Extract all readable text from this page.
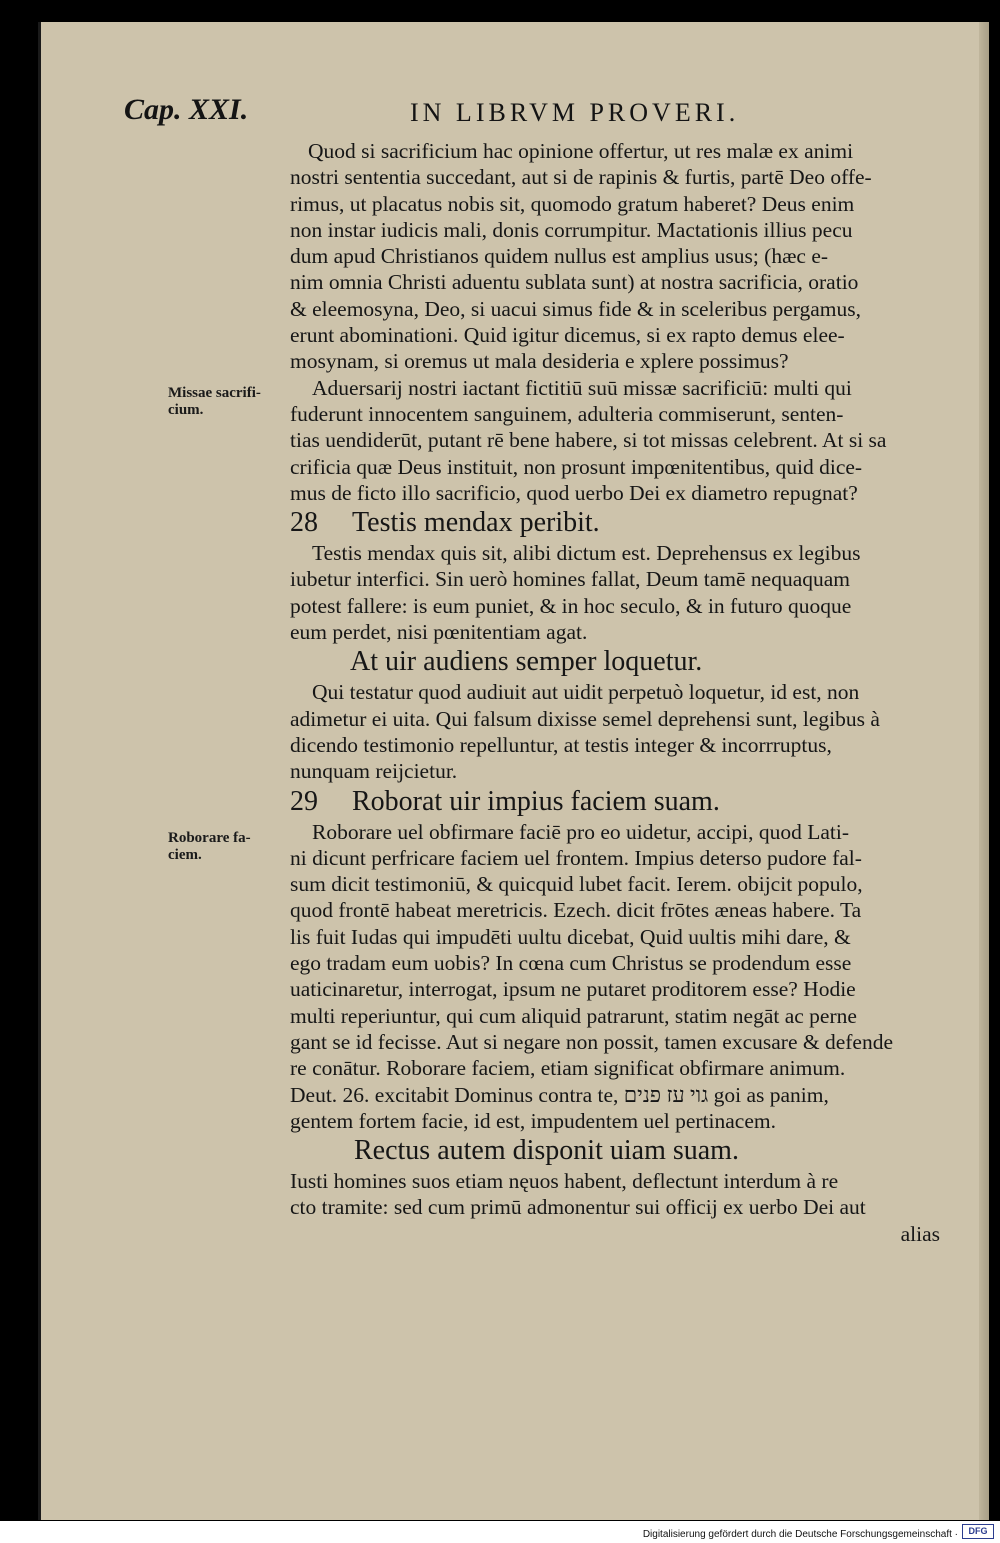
Cap. XXI.	IN LIBRVM PROVERI.
Missae sacrifi-
cium.
Roborare fa-
ciem.
Quod si sacrificium hac opinione offertur, ut res malæ ex animi
nostri sententia succedant, aut si de rapinis & furtis, partē Deo offe-
rimus, ut placatus nobis sit, quomodo gratum haberet? Deus enim
non instar iudicis mali, donis corrumpitur. Mactationis illius pecu
dum apud Christianos quidem nullus est amplius usus; (hæc e-
nim omnia Christi aduentu sublata sunt) at nostra sacrificia, oratio
& eleemosyna, Deo, si uacui simus fide & in sceleribus pergamus,
erunt abominationi. Quid igitur dicemus, si ex rapto demus elee-
mosynam, si oremus ut mala desideria e xplere possimus?
Aduersarij nostri iactant fictitiū suū missæ sacrificiū: multi qui
fuderunt innocentem sanguinem, adulteria commiserunt, senten-
tias uendiderūt, putant rē bene habere, si tot missas celebrent. At si sa
crificia quæ Deus instituit, non prosunt impœnitentibus, quid dice-
mus de ficto illo sacrificio, quod uerbo Dei ex diametro repugnat?
28 Testis mendax peribit.
Testis mendax quis sit, alibi dictum est. Deprehensus ex legibus
iubetur interfici. Sin uerò homines fallat, Deum tamē nequaquam
potest fallere: is eum puniet, & in hoc seculo, & in futuro quoque
eum perdet, nisi pœnitentiam agat.
At uir audiens semper loquetur.
Qui testatur quod audiuit aut uidit perpetuò loquetur, id est, non
adimetur ei uita. Qui falsum dixisse semel deprehensi sunt, legibus à
dicendo testimonio repelluntur, at testis integer & incorrruptus,
nunquam reijcietur.
29 Roborat uir impius faciem suam.
Roborare uel obfirmare faciē pro eo uidetur, accipi, quod Lati-
ni dicunt perfricare faciem uel frontem. Impius deterso pudore fal-
sum dicit testimoniū, & quicquid lubet facit. Ierem. obijcit populo,
quod frontē habeat meretricis. Ezech. dicit frōtes æneas habere. Ta
lis fuit Iudas qui impudēti uultu dicebat, Quid uultis mihi dare, &
ego tradam eum uobis? In cœna cum Christus se prodendum esse
uaticinaretur, interrogat, ipsum ne putaret proditorem esse? Hodie
multi reperiuntur, qui cum aliquid patrarunt, statim negāt ac perne
gant se id fecisse. Aut si negare non possit, tamen excusare & defende
re conātur. Roborare faciem, etiam significat obfirmare animum.
Deut. 26. excitabit Dominus contra te, גוי עז פנים goi as panim,
gentem fortem facie, id est, impudentem uel pertinacem.
Rectus autem disponit uiam suam.
Iusti homines suos etiam nęuos habent, deflectunt interdum à re
cto tramite: sed cum primū admonentur sui officij ex uerbo Dei aut
alias
Digitalisierung gefördert durch die Deutsche Forschungsgemeinschaft ·	DFG
